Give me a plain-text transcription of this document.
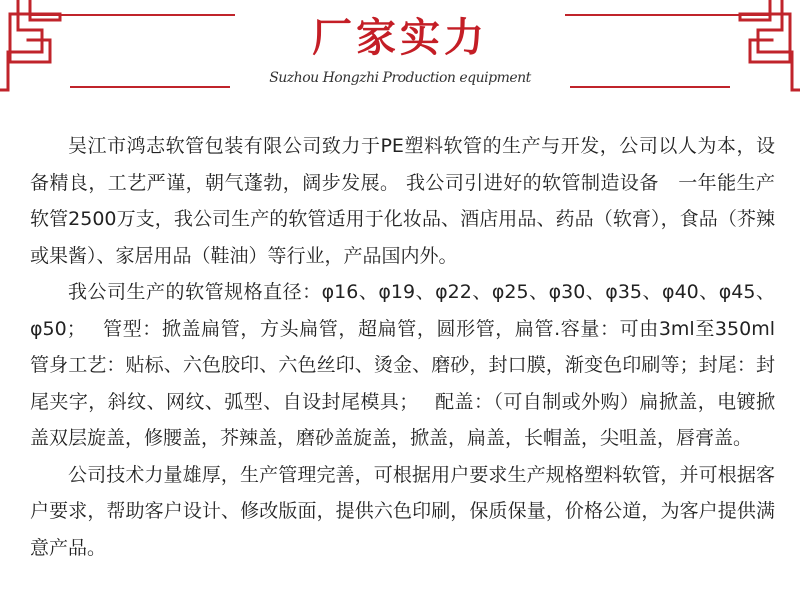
厂家实力
Suzhou Hongzhi Production equipment

吴江市鸿志软管包装有限公司致力于PE塑料软管的生产与开发，公司以人为本，设备精良，工艺严谨，朝气蓬勃，阔步发展。 我公司引进好的软管制造设备　一年能生产软管2500万支，我公司生产的软管适用于化妆品、酒店用品、药品（软膏），食品（芥辣或果酱）、家居用品（鞋油）等行业，产品国内外。

我公司生产的软管规格直径：φ16、φ19、φ22、φ25、φ30、φ35、φ40、φ45、φ50；　 管型：掀盖扁管，方头扁管，超扁管，圆形管，扁管.容量：可由3ml至350ml　 管身工艺：贴标、六色胶印、六色丝印、烫金、磨砂，封口膜，渐变色印刷等；封尾：封尾夹字，斜纹、网纹、弧型、自设封尾模具；　 配盖：（可自制或外购）扁掀盖，电镀掀盖双层旋盖，修腰盖，芥辣盖，磨砂盖旋盖，掀盖，扁盖，长帽盖，尖咀盖，唇膏盖。

公司技术力量雄厚，生产管理完善，可根据用户要求生产规格塑料软管，并可根据客户要求，帮助客户设计、修改版面，提供六色印刷，保质保量，价格公道，为客户提供满意产品。
